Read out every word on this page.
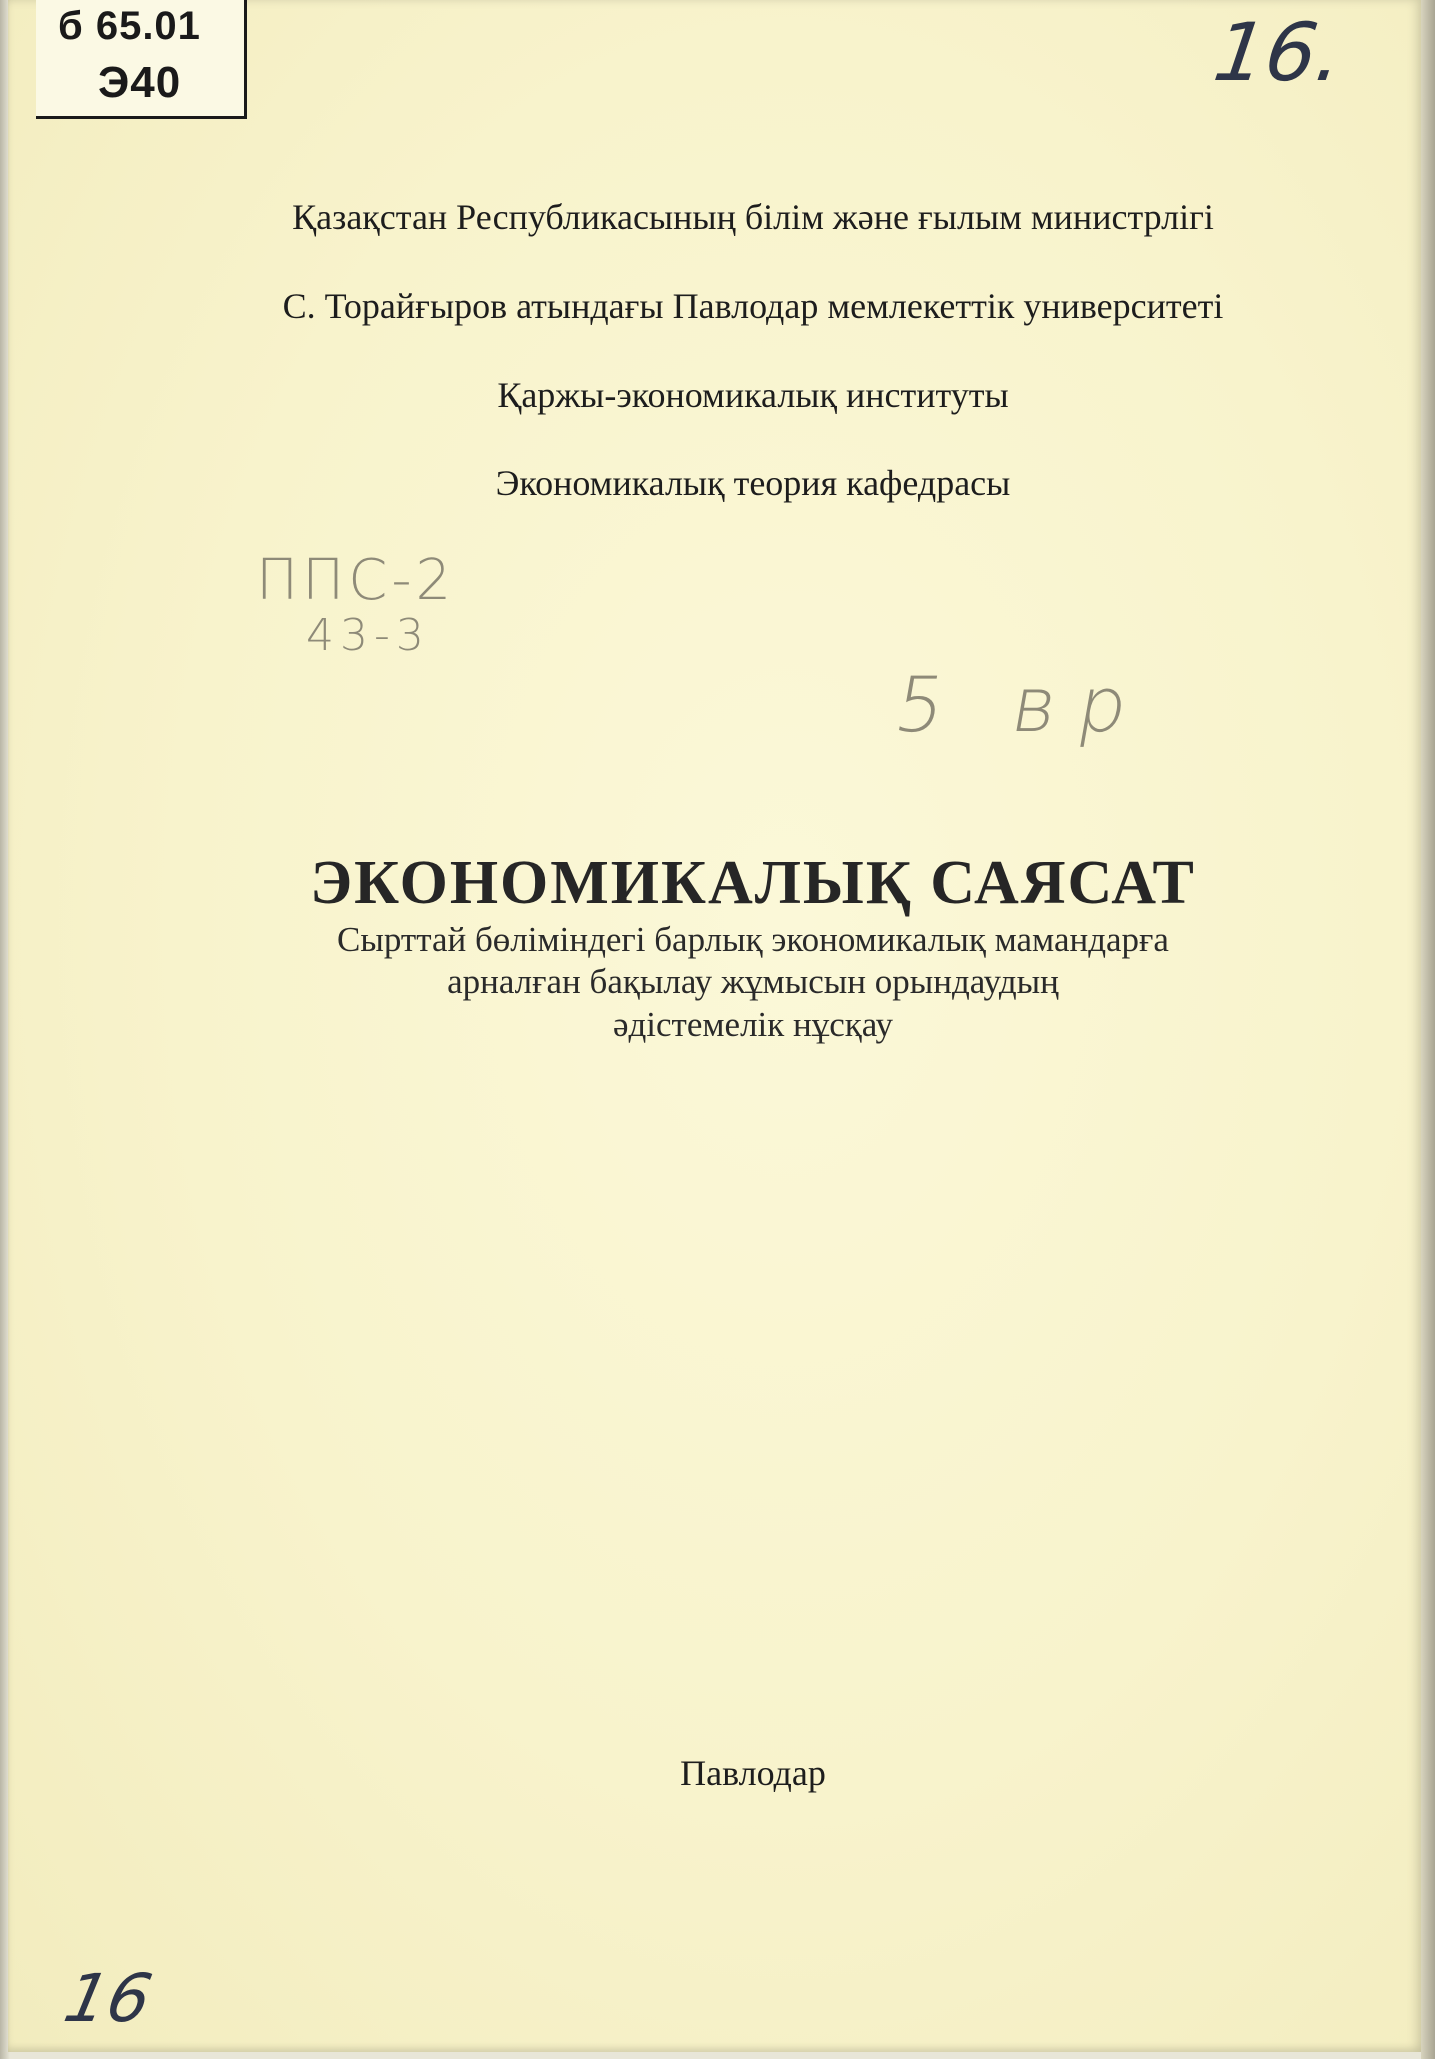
б 65.01
Э40	16.
Қазақстан Республикасының білім және ғылым министрлігі
С. Торайғыров атындағы Павлодар мемлекеттік университеті
Қаржы-экономикалық институты
Экономикалық теория кафедрасы
ППС-2
43-3
5 вр
ЭКОНОМИКАЛЫҚ САЯСАТ
Сырттай бөліміндегі барлық экономикалық мамандарға
арналған бақылау жұмысын орындаудың
әдістемелік нұсқау
Павлодар
16
